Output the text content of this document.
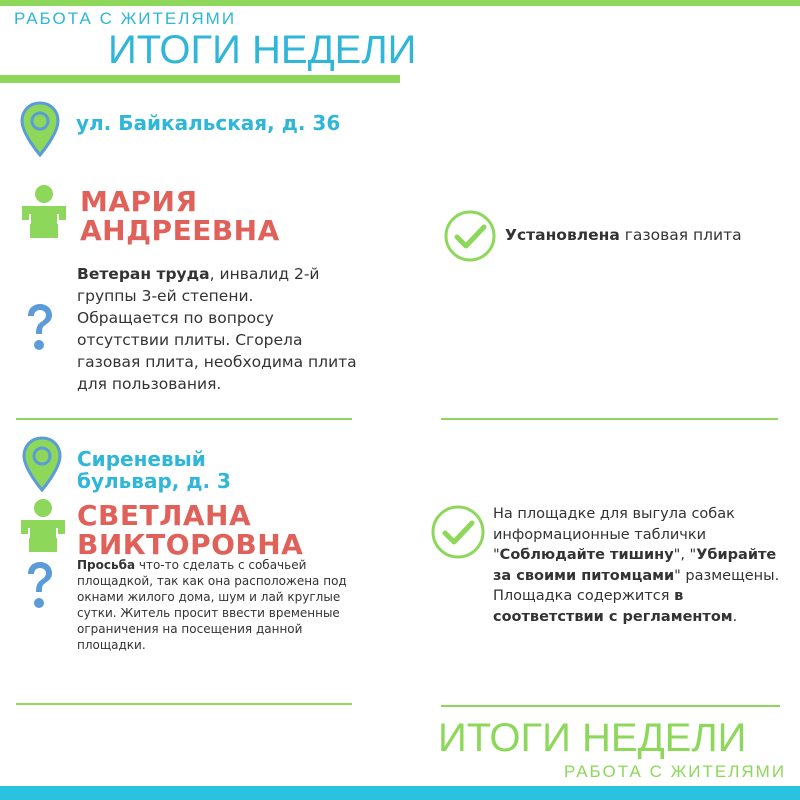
РАБОТА С ЖИТЕЛЯМИ
ИТОГИ НЕДЕЛИ
ул. Байкальская, д. 36
МАРИЯ
АНДРЕЕВНА
Ветеран труда, инвалид 2-й группы 3-ей степени. Обращается по вопросу отсутствии плиты. Сгорела газовая плита, необходима плита для пользования.
Установлена газовая плита
Сиреневый
бульвар, д. 3
СВЕТЛАНА
ВИКТОРОВНА
Просьба что-то сделать с собачьей площадкой, так как она расположена под окнами жилого дома, шум и лай круглые сутки. Житель просит ввести временные ограничения на посещения данной площадки.
На площадке для выгула собак информационные таблички "Соблюдайте тишину", "Убирайте за своими питомцами" размещены. Площадка содержится в соответствии с регламентом.
ИТОГИ НЕДЕЛИ
РАБОТА С ЖИТЕЛЯМИ
